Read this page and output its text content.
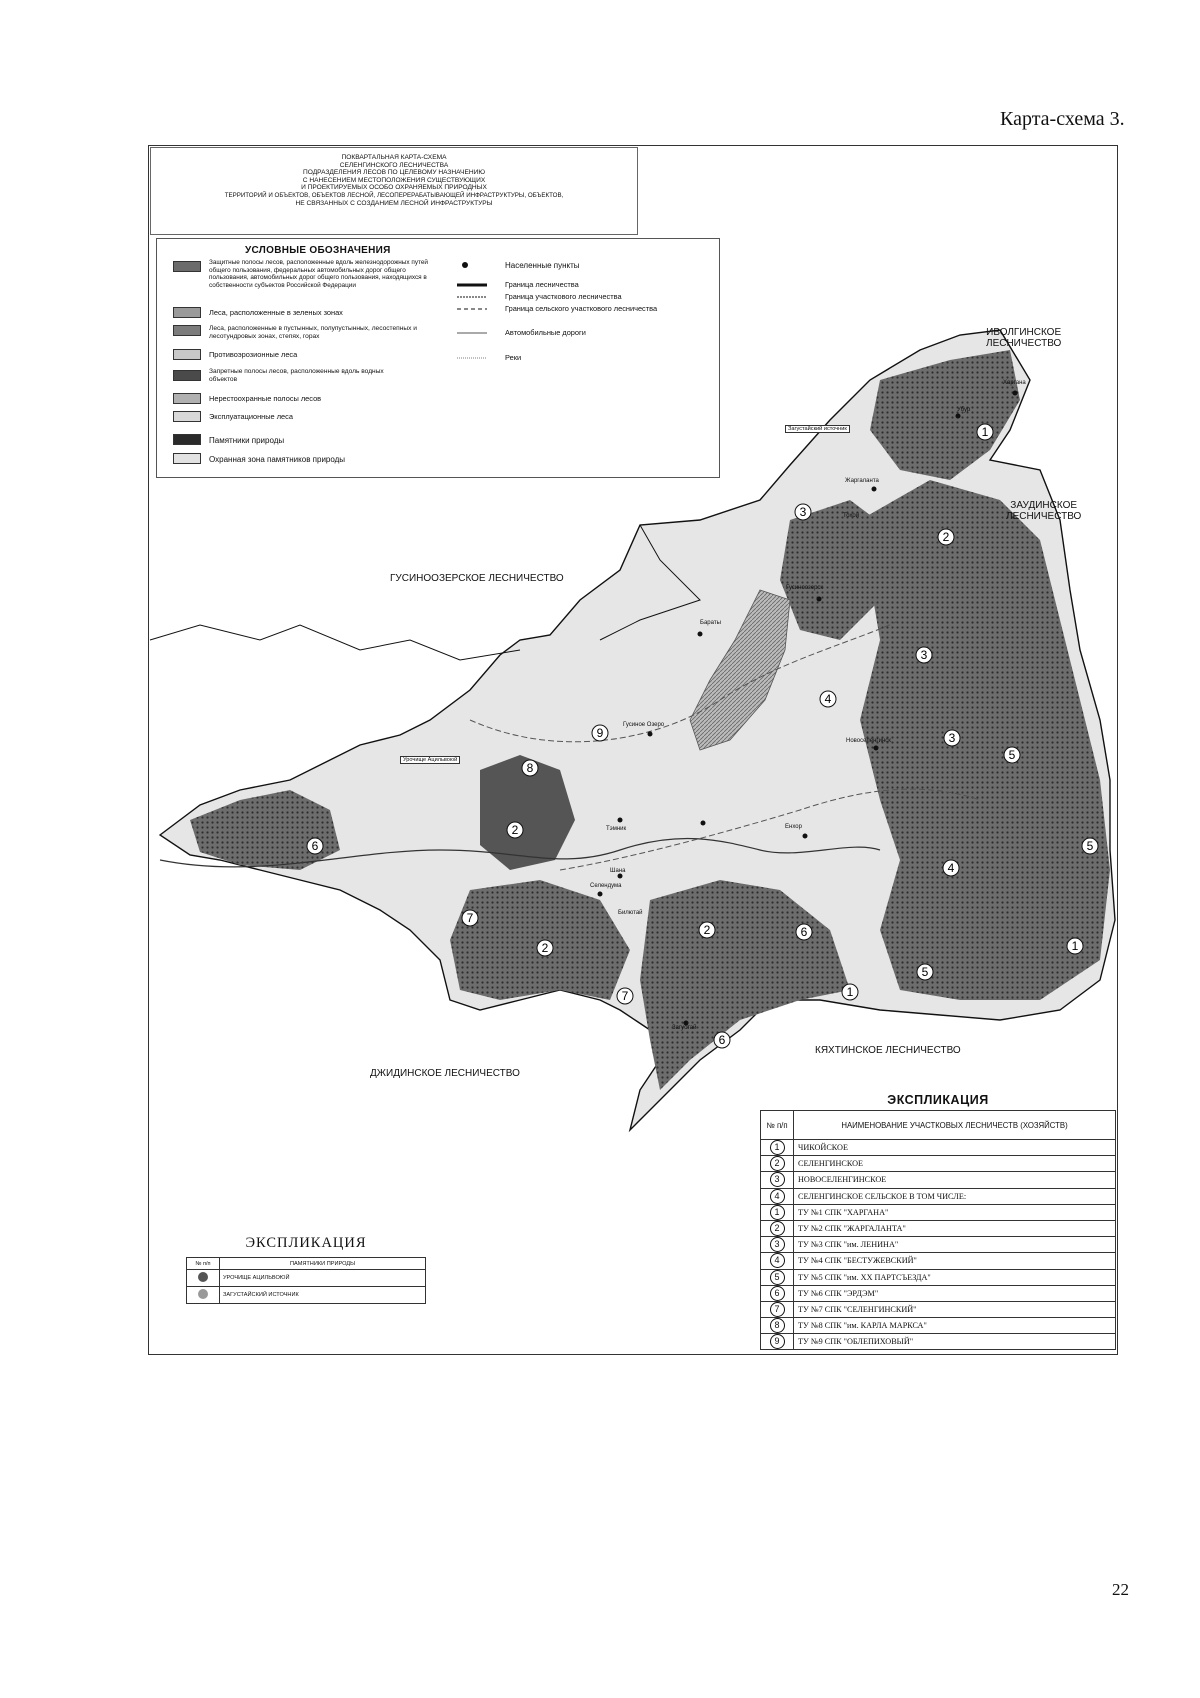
Карта-схема 3.
22
1
1
1
2
2
2
2
3
3
3
4
4
5
5
5
6
6
6
7
7
8
9
Харгана
Убур
Жаргаланта
Тохой
Гусиноозерск
Бараты
Гусиное Озеро
Новоселенгинск
Тэмник	Енхор
Шана
Селендума
Билютай
Загустай
Урочище Ацильвоюй
Загустайский источник
ИВОЛГИНСКОЕ
ЛЕСНИЧЕСТВО
ЗАУДИНСКОЕ
ЛЕСНИЧЕСТВО
ГУСИНООЗЕРСКОЕ ЛЕСНИЧЕСТВО
КЯХТИНСКОЕ ЛЕСНИЧЕСТВО
ДЖИДИНСКОЕ ЛЕСНИЧЕСТВО
ПОКВАРТАЛЬНАЯ КАРТА-СХЕМА
СЕЛЕНГИНСКОГО ЛЕСНИЧЕСТВА
ПОДРАЗДЕЛЕНИЯ ЛЕСОВ ПО ЦЕЛЕВОМУ НАЗНАЧЕНИЮ
С НАНЕСЕНИЕМ МЕСТОПОЛОЖЕНИЯ СУЩЕСТВУЮЩИХ
И ПРОЕКТИРУЕМЫХ ОСОБО ОХРАНЯЕМЫХ ПРИРОДНЫХ
ТЕРРИТОРИЙ И ОБЪЕКТОВ, ОБЪЕКТОВ ЛЕСНОЙ, ЛЕСОПЕРЕРАБАТЫВАЮЩЕЙ ИНФРАСТРУКТУРЫ, ОБЪЕКТОВ,
НЕ СВЯЗАННЫХ С СОЗДАНИЕМ ЛЕСНОЙ ИНФРАСТРУКТУРЫ
УСЛОВНЫЕ ОБОЗНАЧЕНИЯ
Защитные полосы лесов, расположенные вдоль железнодорожных путей общего пользования, федеральных автомобильных дорог общего пользования, автомобильных дорог общего пользования, находящихся в собственности субъектов Российской Федерации
Леса, расположенные в зеленых зонах
Леса, расположенные в пустынных, полупустынных, лесостепных и лесотундровых зонах, степях, горах
Противоэрозионные леса
Запретные полосы лесов, расположенные вдоль водных объектов
Нерестоохранные полосы лесов
Эксплуатационные леса
Памятники природы
Охранная зона памятников природы
Населенные пункты
Граница лесничества
Граница участкового лесничества
Граница сельского участкового лесничества
Автомобильные дороги
Реки
ЭКСПЛИКАЦИЯ
№ п/п	НАИМЕНОВАНИЕ УЧАСТКОВЫХ ЛЕСНИЧЕСТВ (ХОЗЯЙСТВ)
1	ЧИКОЙСКОЕ
2	СЕЛЕНГИНСКОЕ
3	НОВОСЕЛЕНГИНСКОЕ
4	СЕЛЕНГИНСКОЕ СЕЛЬСКОЕ В ТОМ ЧИСЛЕ:
1	ТУ №1 СПК "ХАРГАНА"
2	ТУ №2 СПК "ЖАРГАЛАНТА"
3	ТУ №3 СПК "им. ЛЕНИНА"
4	ТУ №4 СПК "БЕСТУЖЕВСКИЙ"
5	ТУ №5 СПК "им. ХХ ПАРТСЪЕЗДА"
6	ТУ №6 СПК "ЭРДЭМ"
7	ТУ №7 СПК "СЕЛЕНГИНСКИЙ"
8	ТУ №8 СПК "им. КАРЛА МАРКСА"
9	ТУ №9 СПК "ОБЛЕПИХОВЫЙ"
ЭКСПЛИКАЦИЯ
№ п/п	ПАМЯТНИКИ ПРИРОДЫ
	УРОЧИЩЕ АЦИЛЬВОЮЙ
	ЗАГУСТАЙСКИЙ ИСТОЧНИК
